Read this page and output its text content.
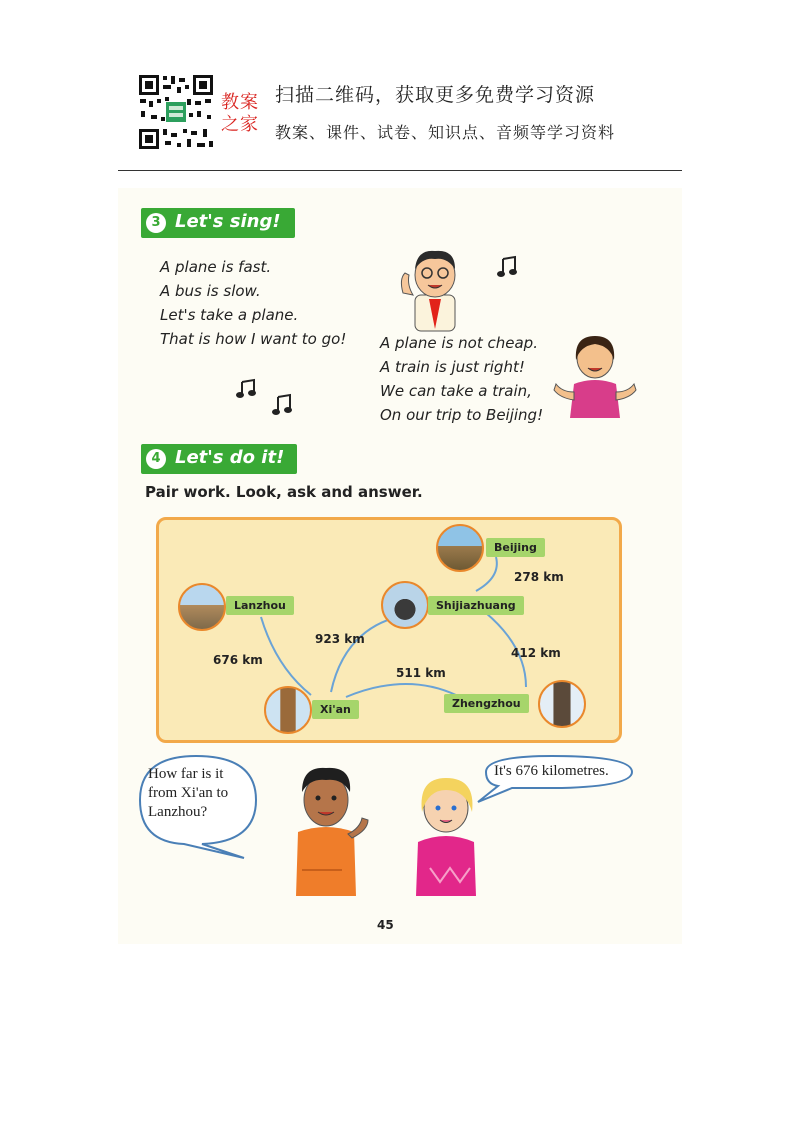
教案
之家
扫描二维码，获取更多免费学习资源
教案、课件、试卷、知识点、音频等学习资料
3 Let's sing!
A plane is fast.
A bus is slow.
Let's take a plane.
That is how I want to go! A plane is not cheap.
A train is just right!
We can take a train,
On our trip to Beijing!
4 Let's do it!
Pair work. Look, ask and answer.
Beijing
Lanzhou	Shijiazhuang
Xi'an	Zhengzhou
278 km
923 km
676 km	412 km
511 km
How far is it
from Xi'an to
Lanzhou?
It's 676 kilometres.
45
